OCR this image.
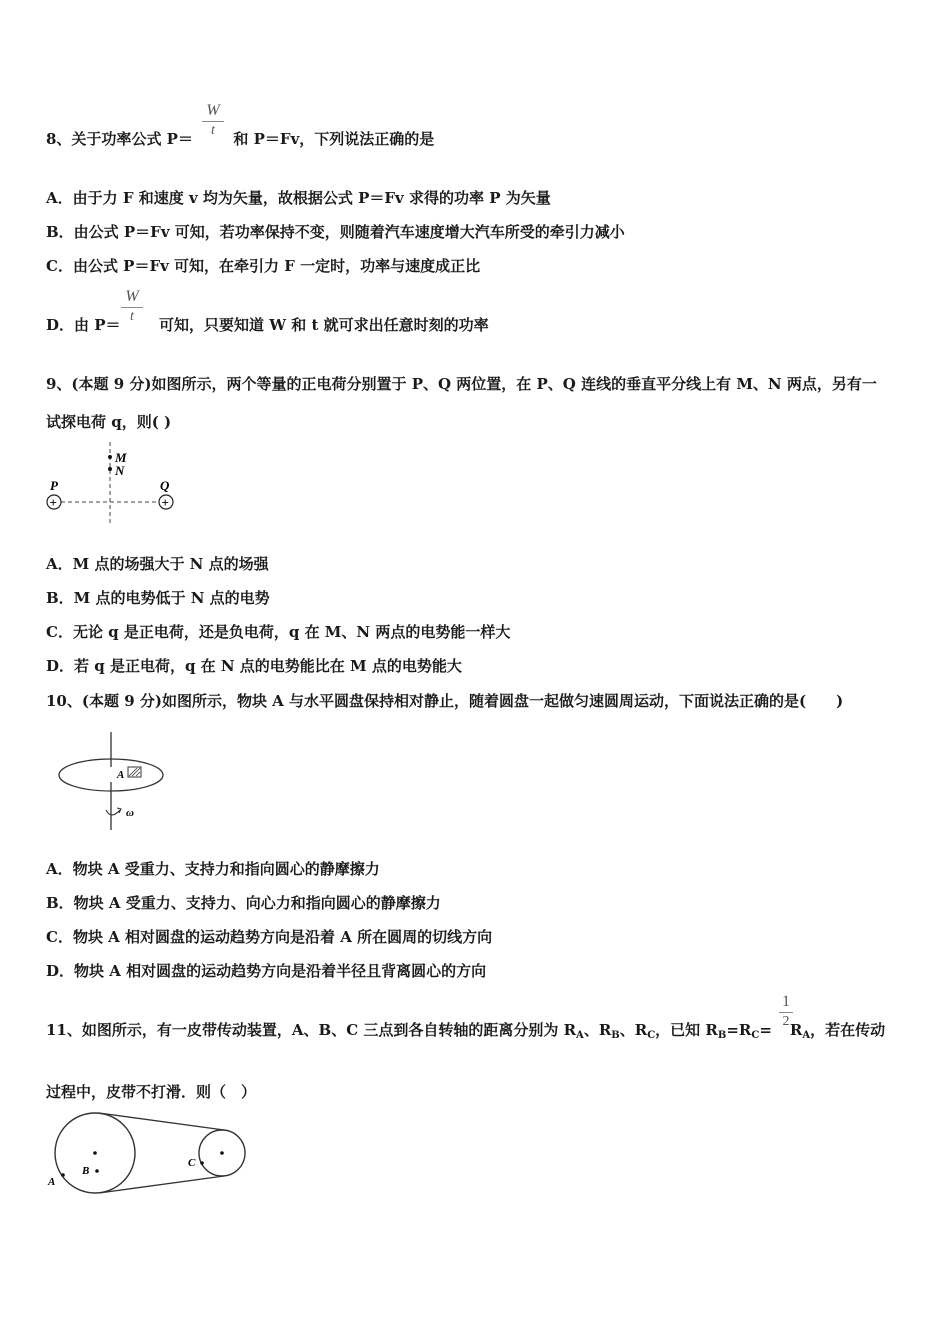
8、关于功率公式 P＝	和 P＝Fv，下列说法正确的是
W
t
A．由于力 F 和速度 v 均为矢量，故根据公式 P＝Fv 求得的功率 P 为矢量
B．由公式 P＝Fv 可知，若功率保持不变，则随着汽车速度增大汽车所受的牵引力减小
C．由公式 P＝Fv 可知，在牵引力 F 一定时，功率与速度成正比
D．由 P＝	可知，只要知道 W 和 t 就可求出任意时刻的功率
W
t
9、(本题 9 分)如图所示，两个等量的正电荷分别置于 P、Q 两位置，在 P、Q 连线的垂直平分线上有 M、N 两点，另有一
试探电荷 q，则( )
M
N
+	+
P	Q
A．M 点的场强大于 N 点的场强
B．M 点的电势低于 N 点的电势
C．无论 q 是正电荷，还是负电荷，q 在 M、N 两点的电势能一样大
D．若 q 是正电荷，q 在 N 点的电势能比在 M 点的电势能大
10、(本题 9 分)如图所示，物块 A 与水平圆盘保持相对静止，随着圆盘一起做匀速圆周运动，下面说法正确的是(　　)
A
ω
A．物块 A 受重力、支持力和指向圆心的静摩擦力
B．物块 A 受重力、支持力、向心力和指向圆心的静摩擦力
C．物块 A 相对圆盘的运动趋势方向是沿着 A 所在圆周的切线方向
D．物块 A 相对圆盘的运动趋势方向是沿着半径且背离圆心的方向
11、如图所示，有一皮带传动装置，A、B、C 三点到各自转轴的距离分别为 $R_A$、$R_B$、$R_C$，已知 $R_B=R_C= R_A$，若在传动
1
2
过程中，皮带不打滑．则（　）
A
B
C
